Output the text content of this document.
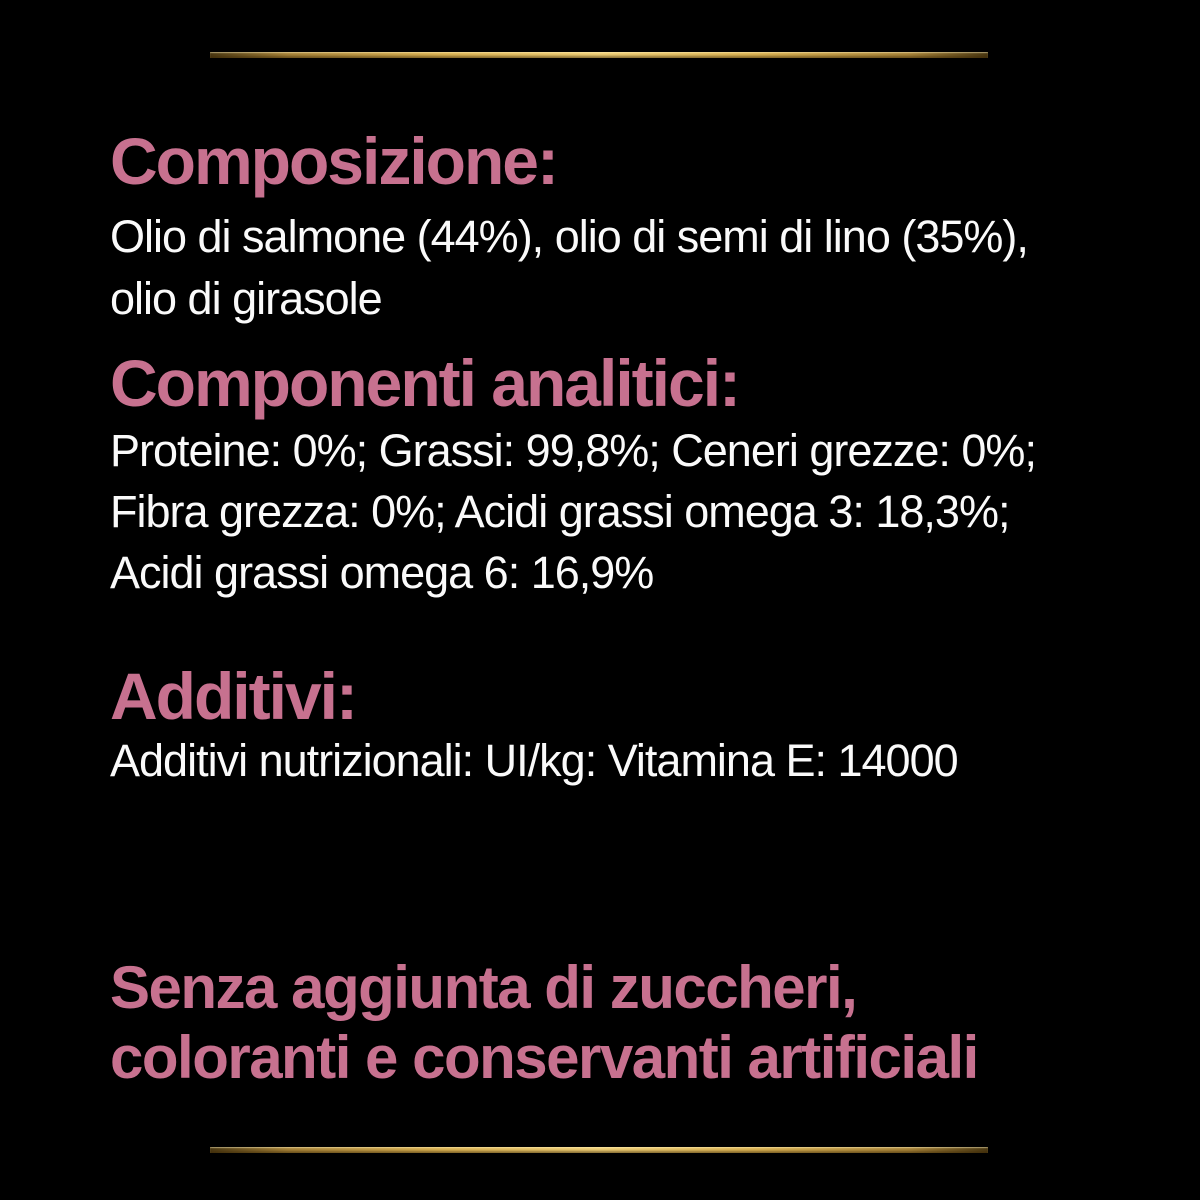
Composizione:

Olio di salmone (44%), olio di semi di lino (35%),

olio di girasole

Componenti analitici:

Proteine: 0%; Grassi: 99,8%; Ceneri grezze: 0%;

Fibra grezza: 0%; Acidi grassi omega 3: 18,3%;

Acidi grassi omega 6: 16,9%

Additivi:

Additivi nutrizionali: UI/kg: Vitamina E: 14000

Senza aggiunta di zuccheri,

coloranti e conservanti artificiali
